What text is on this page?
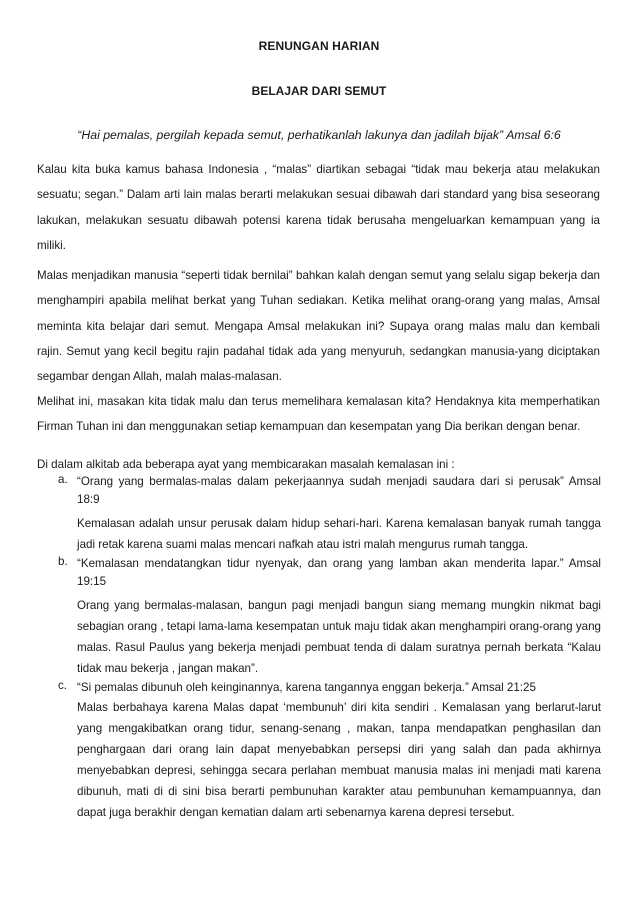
RENUNGAN HARIAN
BELAJAR DARI SEMUT
“Hai pemalas, pergilah kepada semut, perhatikanlah lakunya dan jadilah bijak” Amsal 6:6

Kalau kita buka kamus bahasa Indonesia , “malas” diartikan sebagai “tidak mau bekerja atau melakukan sesuatu; segan.” Dalam arti lain malas berarti melakukan sesuai dibawah dari standard yang bisa seseorang lakukan, melakukan sesuatu dibawah potensi karena tidak berusaha mengeluarkan kemampuan yang ia miliki.

Malas menjadikan manusia “seperti tidak bernilai” bahkan kalah dengan semut yang selalu sigap bekerja dan menghampiri apabila melihat berkat yang Tuhan sediakan. Ketika melihat orang-orang yang malas, Amsal meminta kita belajar dari semut. Mengapa Amsal melakukan ini? Supaya orang malas malu dan kembali rajin. Semut yang kecil begitu rajin padahal tidak ada yang menyuruh, sedangkan manusia-yang diciptakan segambar dengan Allah, malah malas-malasan.

Melihat ini, masakan kita tidak malu dan terus memelihara kemalasan kita? Hendaknya kita memperhatikan Firman Tuhan ini dan menggunakan setiap kemampuan dan kesempatan yang Dia berikan dengan benar.

Di dalam alkitab ada beberapa ayat yang membicarakan masalah kemalasan ini :

a. “Orang yang bermalas-malas dalam pekerjaannya sudah menjadi saudara dari si perusak” Amsal 18:9

Kemalasan adalah unsur perusak dalam hidup sehari-hari. Karena kemalasan banyak rumah tangga jadi retak karena suami malas mencari nafkah atau istri malah mengurus rumah tangga.

b. “Kemalasan mendatangkan tidur nyenyak, dan orang yang lamban akan menderita lapar.” Amsal 19:15

Orang yang bermalas-malasan, bangun pagi menjadi bangun siang memang mungkin nikmat bagi sebagian orang , tetapi lama-lama kesempatan untuk maju tidak akan menghampiri orang-orang yang malas. Rasul Paulus yang bekerja menjadi pembuat tenda di dalam suratnya pernah berkata “Kalau tidak mau bekerja , jangan makan”.

c. “Si pemalas dibunuh oleh keinginannya, karena tangannya enggan bekerja.” Amsal 21:25

Malas berbahaya karena Malas dapat ‘membunuh’ diri kita sendiri . Kemalasan yang berlarut-larut yang mengakibatkan orang tidur, senang-senang , makan, tanpa mendapatkan penghasilan dan penghargaan dari orang lain dapat menyebabkan persepsi diri yang salah dan pada akhirnya menyebabkan depresi, sehingga secara perlahan membuat manusia malas ini menjadi mati karena dibunuh, mati di di sini bisa berarti pembunuhan karakter atau pembunuhan kemampuannya, dan dapat juga berakhir dengan kematian dalam arti sebenarnya karena depresi tersebut.
